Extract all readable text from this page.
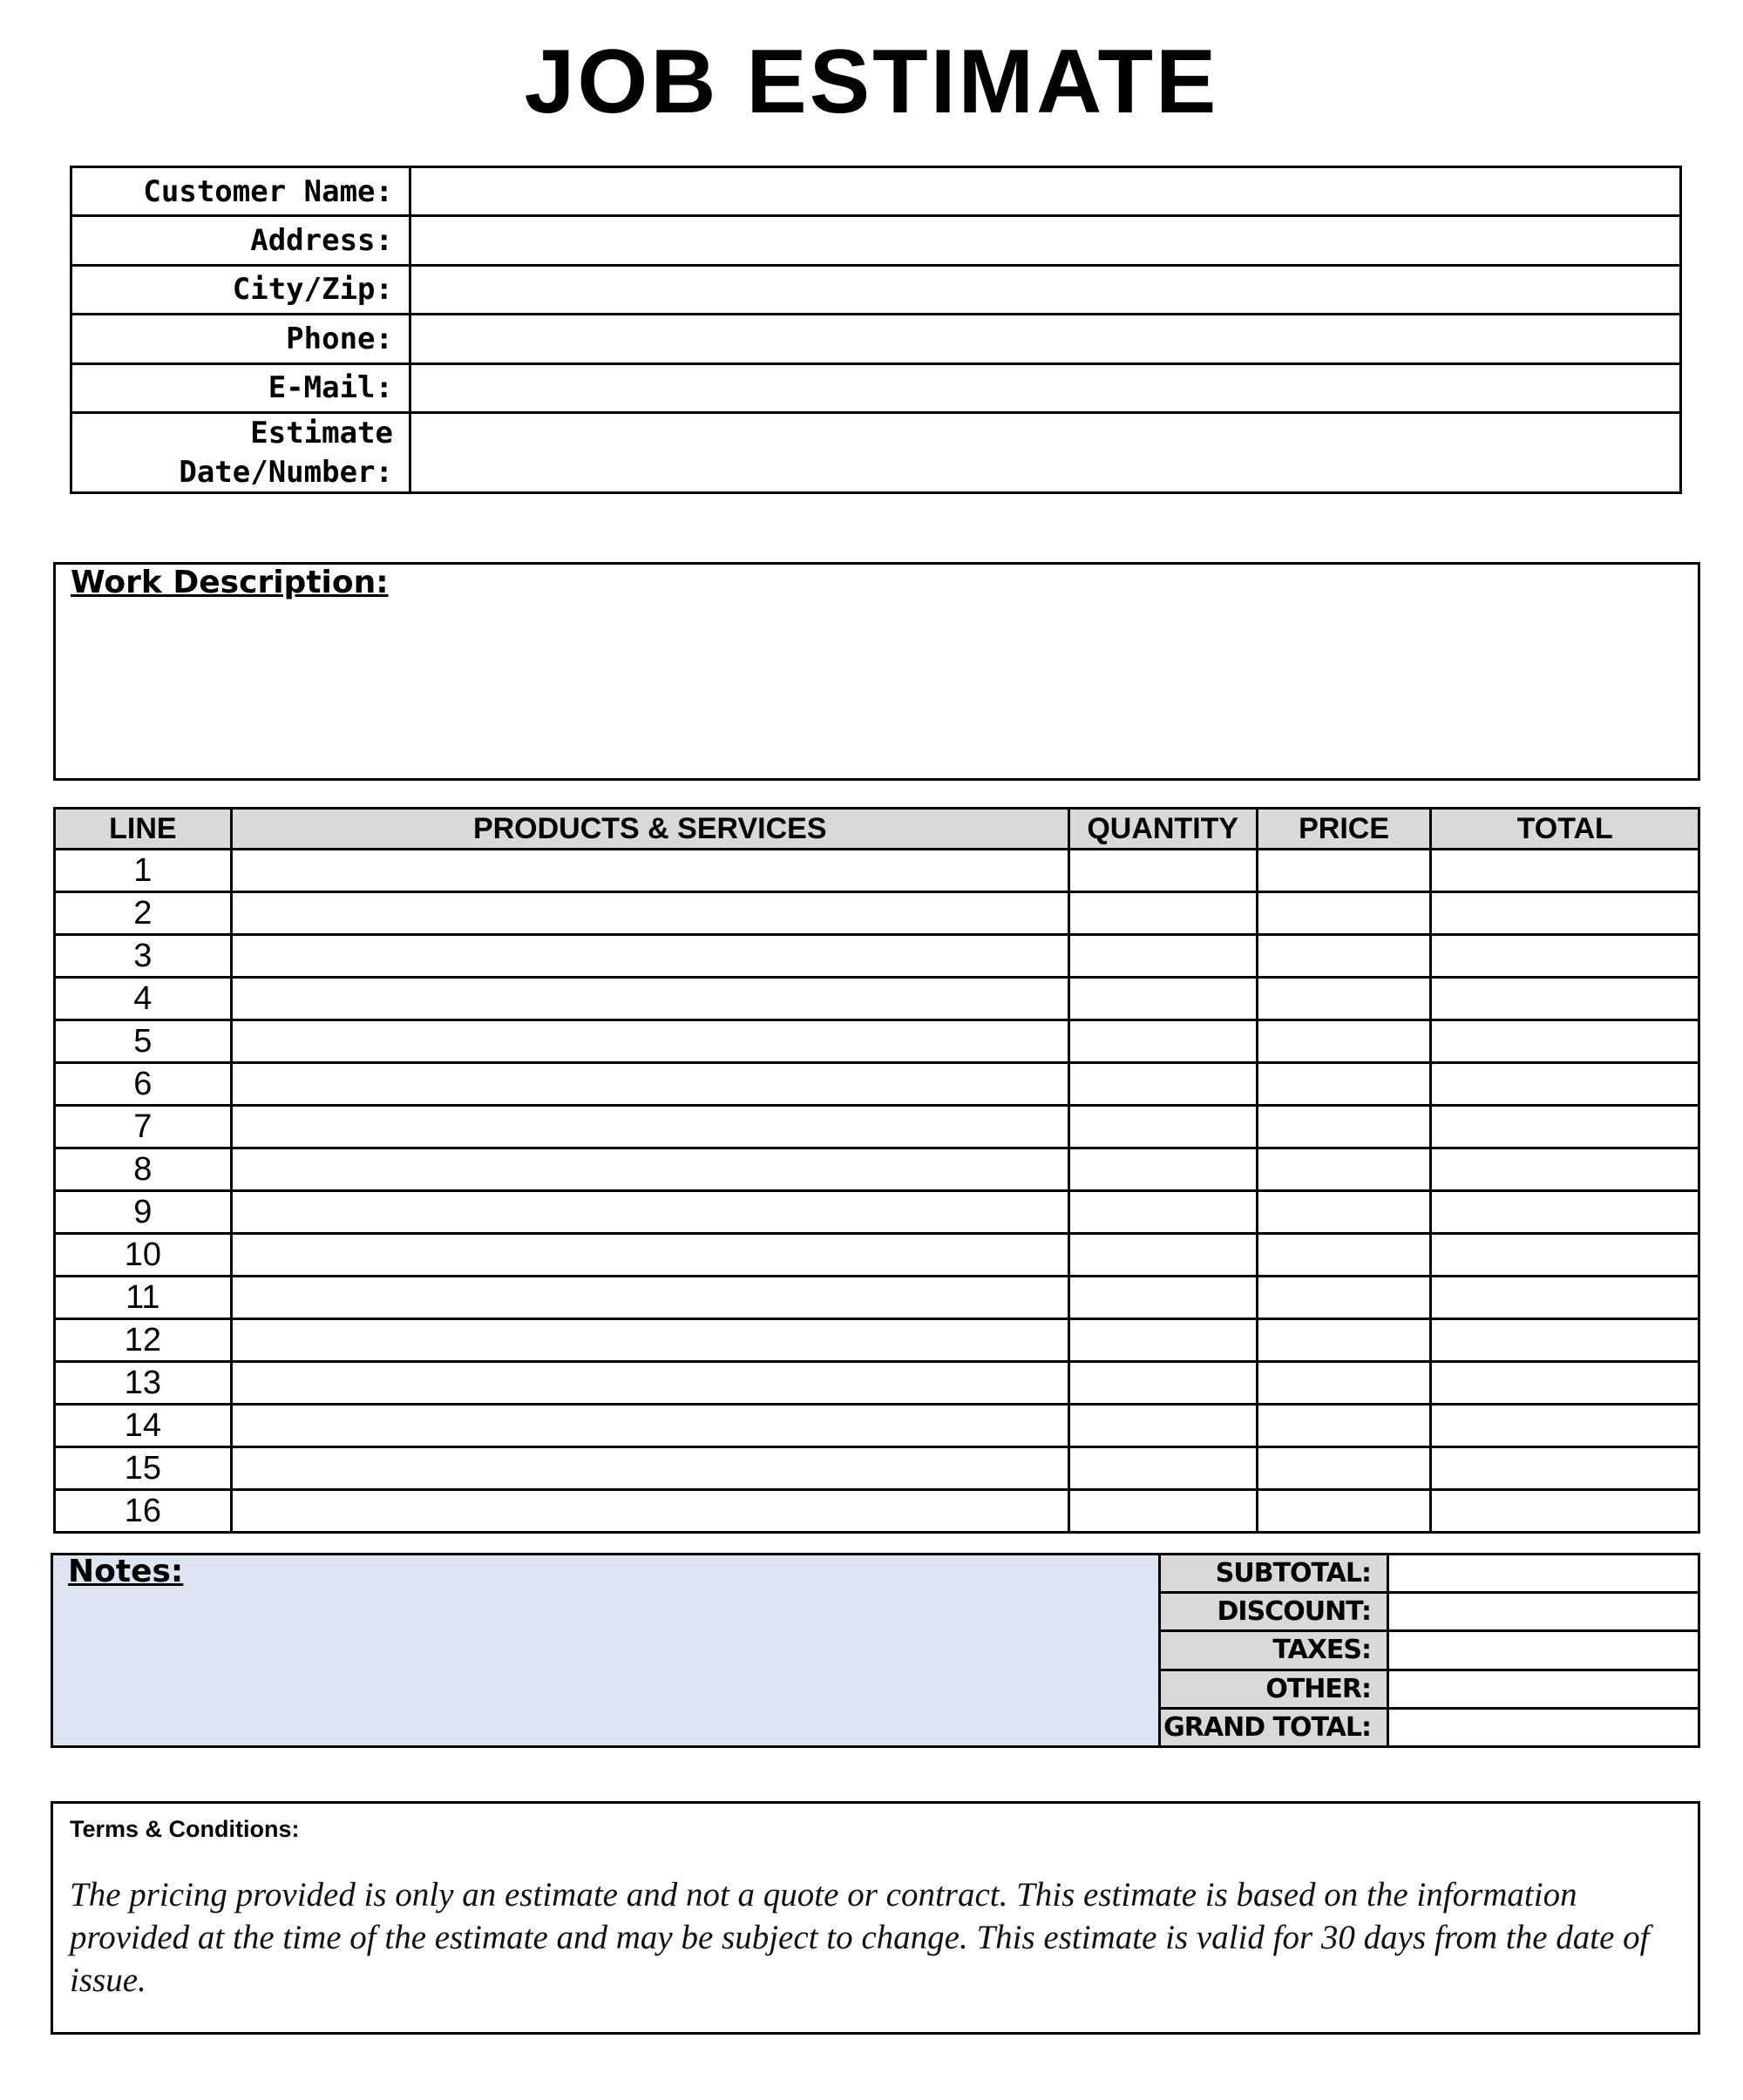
JOB ESTIMATE
Customer Name:	
Address:	
City/Zip:	
Phone:	
E-Mail:	
Estimate Date/Number:	
Work Description:
LINE	PRODUCTS & SERVICES	QUANTITY	PRICE	TOTAL
1				
2				
3				
4				
5				
6				
7				
8				
9				
10				
11				
12				
13				
14				
15				
16				
Notes:	SUBTOTAL:	
DISCOUNT:	
TAXES:	
OTHER:	
GRAND TOTAL:	
Terms & Conditions:
The pricing provided is only an estimate and not a quote or contract. This estimate is based on the information provided at the time of the estimate and may be subject to change. This estimate is valid for 30 days from the date of issue.
